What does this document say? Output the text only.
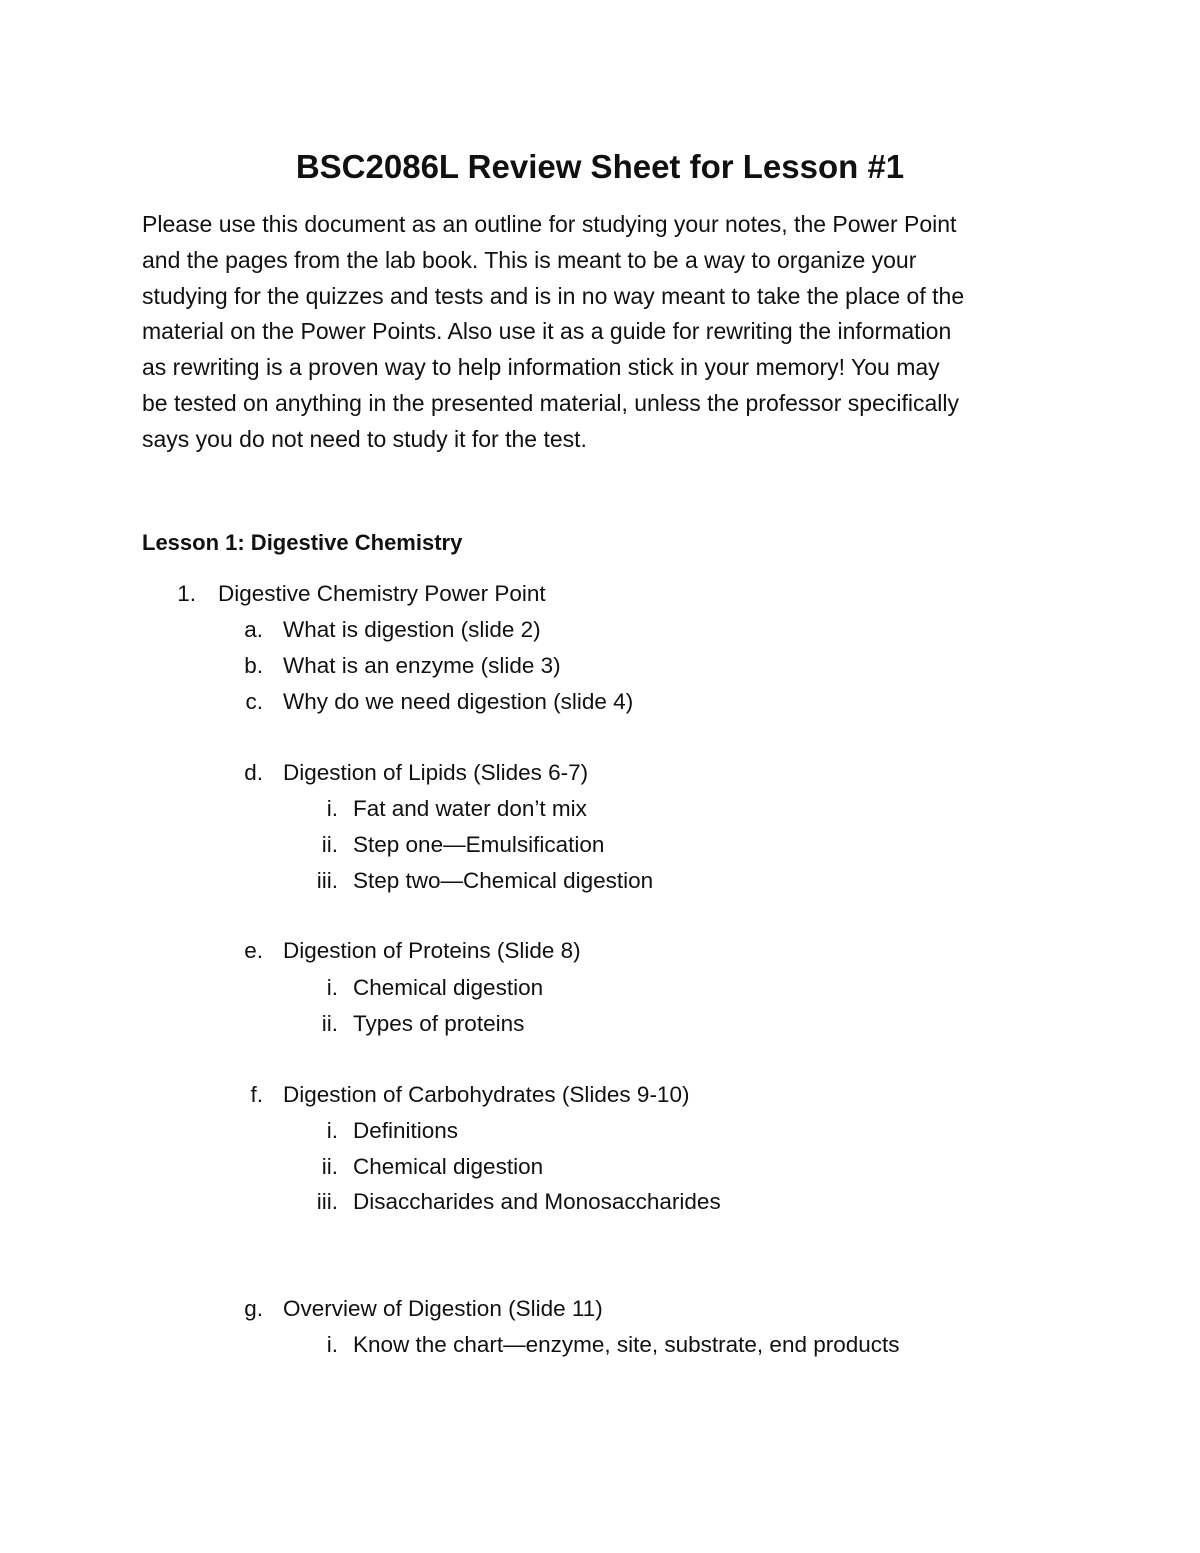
BSC2086L Review Sheet for Lesson #1

Please use this document as an outline for studying your notes, the Power Point
and the pages from the lab book. This is meant to be a way to organize your
studying for the quizzes and tests and is in no way meant to take the place of the
material on the Power Points. Also use it as a guide for rewriting the information
as rewriting is a proven way to help information stick in your memory! You may
be tested on anything in the presented material, unless the professor specifically
says you do not need to study it for the test.

Lesson 1: Digestive Chemistry
1. Digestive Chemistry Power Point
a. What is digestion (slide 2)
b. What is an enzyme (slide 3)
c. Why do we need digestion (slide 4)
d. Digestion of Lipids (Slides 6-7)
i. Fat and water don’t mix
ii. Step one—Emulsification
iii. Step two—Chemical digestion
e. Digestion of Proteins (Slide 8)
i. Chemical digestion
ii. Types of proteins
f. Digestion of Carbohydrates (Slides 9-10)
i. Definitions
ii. Chemical digestion
iii. Disaccharides and Monosaccharides
g. Overview of Digestion (Slide 11)
i. Know the chart—enzyme, site, substrate, end products
